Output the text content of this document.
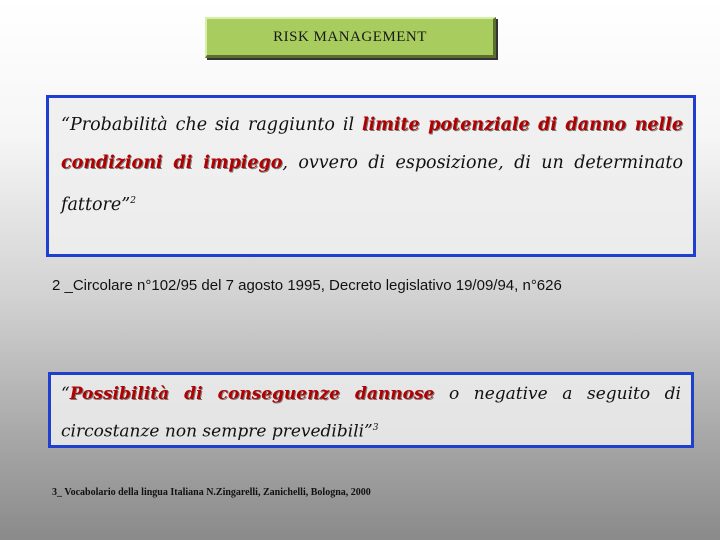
RISK MANAGEMENT
“Probabilità che sia raggiunto il limite potenziale di danno nelle condizioni di impiego, ovvero di esposizione, di un determinato fattore”$^2$
2 _Circolare n°102/95 del 7 agosto 1995, Decreto legislativo 19/09/94, n°626
“Possibilità di conseguenze dannose o negative a seguito di circostanze non sempre prevedibili”$^3$
3_ Vocabolario della lingua Italiana N.Zingarelli, Zanichelli, Bologna, 2000
